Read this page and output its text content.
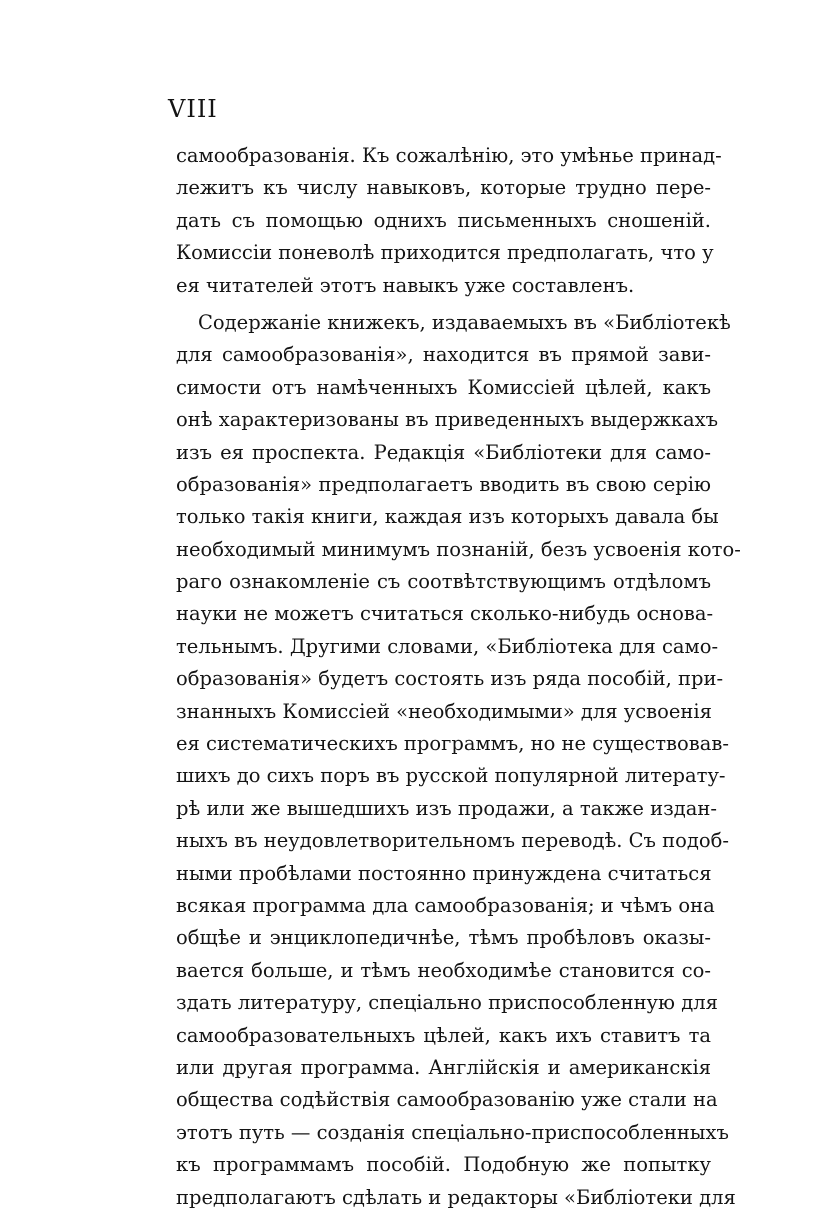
VIII
самообразованія. Къ сожалѣнію, это умѣнье принад-
лежитъ къ числу навыковъ, которые трудно пере-
дать съ помощью однихъ письменныхъ сношеній.
Комиссіи поневолѣ приходится предполагать, что у
ея читателей этотъ навыкъ уже составленъ.
Содержаніе книжекъ, издаваемыхъ въ «Библіотекѣ
для самообразованія», находится въ прямой зави-
симости отъ намѣченныхъ Комиссіей цѣлей, какъ
онѣ характеризованы въ приведенныхъ выдержкахъ
изъ ея проспекта. Редакція «Библіотеки для само-
образованія» предполагаетъ вводить въ свою серію
только такія книги, каждая изъ которыхъ давала бы
необходимый минимумъ познаній, безъ усвоенія кото-
раго ознакомленіе съ соотвѣтствующимъ отдѣломъ
науки не можетъ считаться сколько-нибудь основа-
тельнымъ. Другими словами, «Библіотека для само-
образованія» будетъ состоять изъ ряда пособій, при-
знанныхъ Комиссіей «необходимыми» для усвоенія
ея систематическихъ программъ, но не существовав-
шихъ до сихъ поръ въ русской популярной литерату-
рѣ или же вышедшихъ изъ продажи, а также издан-
ныхъ въ неудовлетворительномъ переводѣ. Съ подоб-
ными пробѣлами постоянно принуждена считаться
всякая программа дла самообразованія; и чѣмъ она
общѣе и энциклопедичнѣе, тѣмъ пробѣловъ оказы-
вается больше, и тѣмъ необходимѣе становится со-
здать литературу, спеціально приспособленную для
самообразовательныхъ цѣлей, какъ ихъ ставитъ та
или другая программа. Англійскія и американскія
общества содѣйствія самообразованію уже стали на
этотъ путь — созданія спеціально-приспособленныхъ
къ программамъ пособій. Подобную же попытку
предполагаютъ сдѣлать и редакторы «Библіотеки для
